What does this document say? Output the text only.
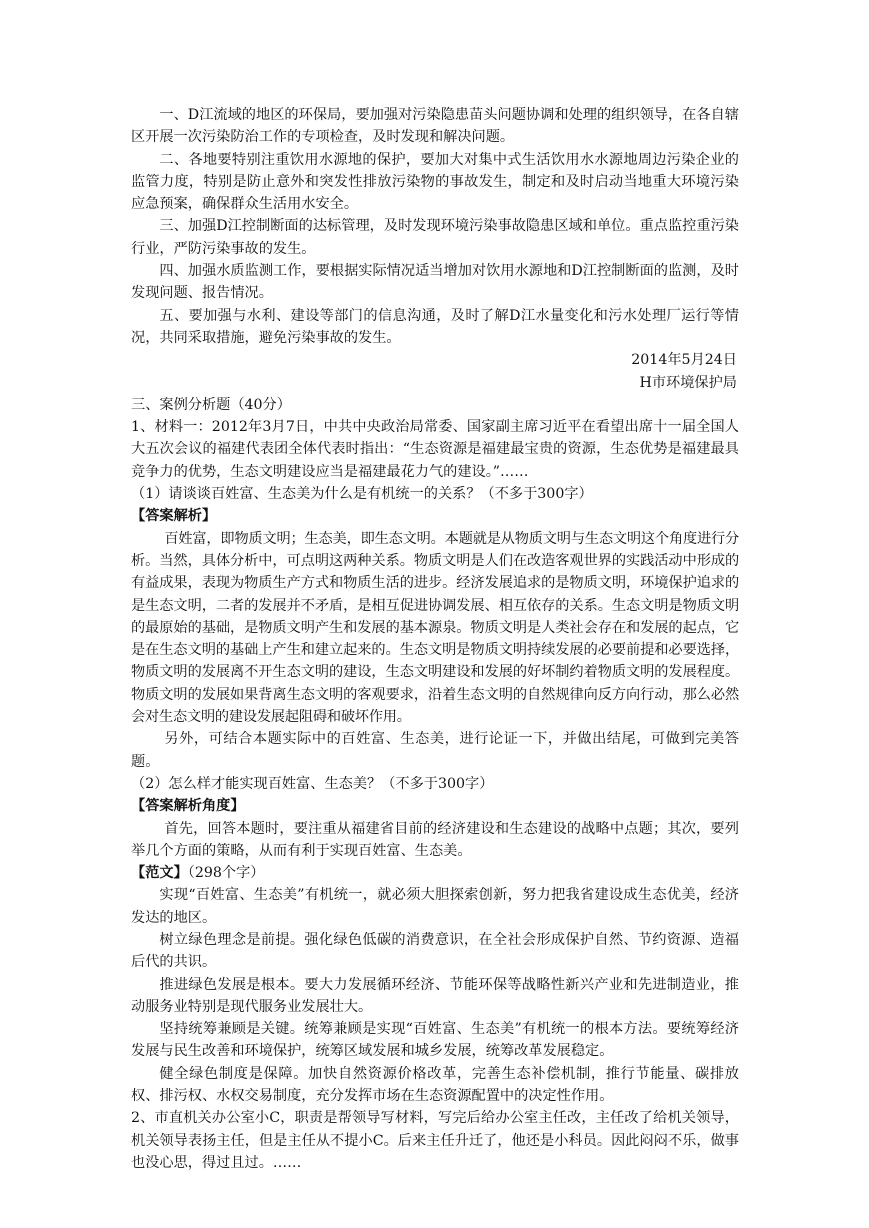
一、D江流域的地区的环保局，要加强对污染隐患苗头问题协调和处理的组织领导，在各自辖区开展一次污染防治工作的专项检查，及时发现和解决问题。

二、各地要特别注重饮用水源地的保护，要加大对集中式生活饮用水水源地周边污染企业的监管力度，特别是防止意外和突发性排放污染物的事故发生，制定和及时启动当地重大环境污染应急预案，确保群众生活用水安全。

三、加强D江控制断面的达标管理，及时发现环境污染事故隐患区域和单位。重点监控重污染行业，严防污染事故的发生。

四、加强水质监测工作，要根据实际情况适当增加对饮用水源地和D江控制断面的监测，及时发现问题、报告情况。

五、要加强与水利、建设等部门的信息沟通，及时了解D江水量变化和污水处理厂运行等情况，共同采取措施，避免污染事故的发生。

2014年5月24日

H市环境保护局

三、案例分析题（40分）

1、材料一：2012年3月7日，中共中央政治局常委、国家副主席习近平在看望出席十一届全国人大五次会议的福建代表团全体代表时指出：“生态资源是福建最宝贵的资源，生态优势是福建最具竞争力的优势，生态文明建设应当是福建最花力气的建设。”……

（1）请谈谈百姓富、生态美为什么是有机统一的关系？（不多于300字）

【答案解析】

百姓富，即物质文明；生态美，即生态文明。本题就是从物质文明与生态文明这个角度进行分析。当然，具体分析中，可点明这两种关系。物质文明是人们在改造客观世界的实践活动中形成的有益成果，表现为物质生产方式和物质生活的进步。经济发展追求的是物质文明，环境保护追求的是生态文明，二者的发展并不矛盾，是相互促进协调发展、相互依存的关系。生态文明是物质文明的最原始的基础，是物质文明产生和发展的基本源泉。物质文明是人类社会存在和发展的起点，它是在生态文明的基础上产生和建立起来的。生态文明是物质文明持续发展的必要前提和必要选择，物质文明的发展离不开生态文明的建设，生态文明建设和发展的好坏制约着物质文明的发展程度。物质文明的发展如果背离生态文明的客观要求，沿着生态文明的自然规律向反方向行动，那么必然会对生态文明的建设发展起阻碍和破坏作用。

另外，可结合本题实际中的百姓富、生态美，进行论证一下，并做出结尾，可做到完美答题。

（2）怎么样才能实现百姓富、生态美？（不多于300字）

【答案解析角度】

首先，回答本题时，要注重从福建省目前的经济建设和生态建设的战略中点题；其次，要列举几个方面的策略，从而有利于实现百姓富、生态美。

【范文】（298个字）

实现“百姓富、生态美”有机统一，就必须大胆探索创新，努力把我省建设成生态优美，经济发达的地区。

树立绿色理念是前提。强化绿色低碳的消费意识，在全社会形成保护自然、节约资源、造福后代的共识。

推进绿色发展是根本。要大力发展循环经济、节能环保等战略性新兴产业和先进制造业，推动服务业特别是现代服务业发展壮大。

坚持统筹兼顾是关键。统筹兼顾是实现“百姓富、生态美”有机统一的根本方法。要统筹经济发展与民生改善和环境保护，统筹区域发展和城乡发展，统筹改革发展稳定。

健全绿色制度是保障。加快自然资源价格改革，完善生态补偿机制，推行节能量、碳排放权、排污权、水权交易制度，充分发挥市场在生态资源配置中的决定性作用。

2、市直机关办公室小C，职责是帮领导写材料，写完后给办公室主任改，主任改了给机关领导，机关领导表扬主任，但是主任从不提小C。后来主任升迁了，他还是小科员。因此闷闷不乐，做事也没心思，得过且过。……
